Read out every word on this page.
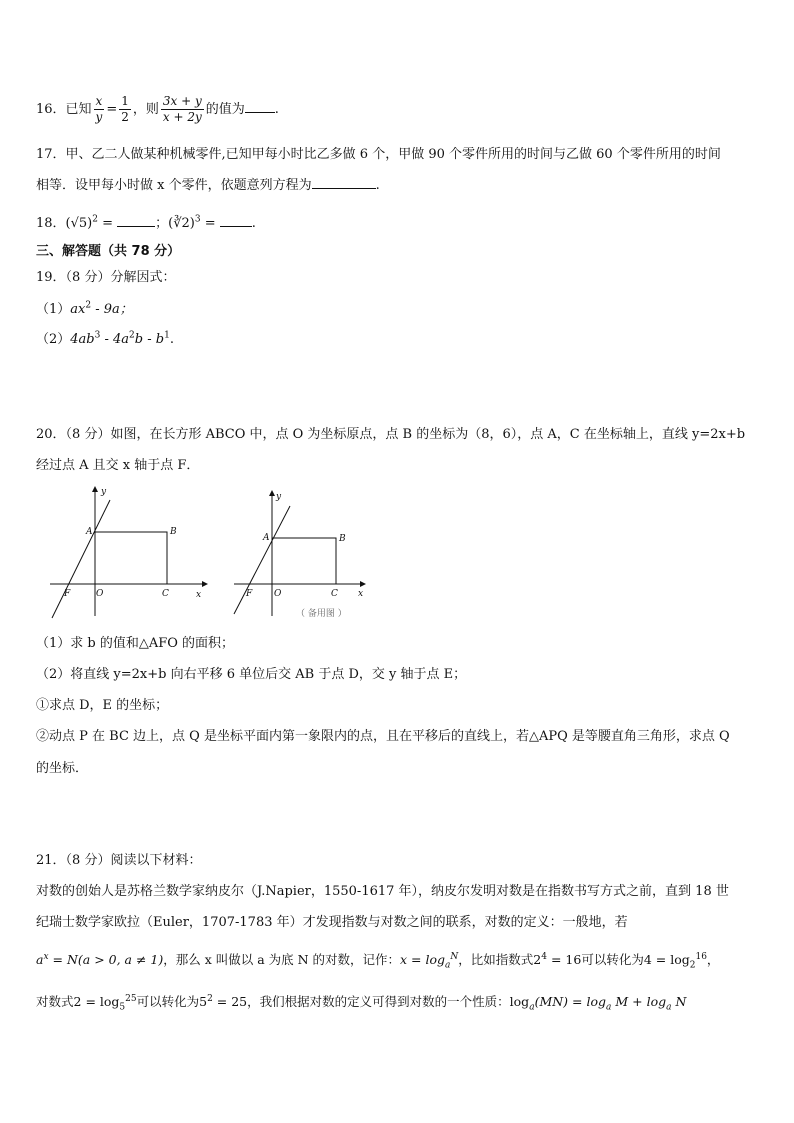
16．已知 $\frac{x}{y} = \frac{1}{2}$ ，则 $\frac{3x + y}{x + 2y}$ 的值为 .
17．甲、乙二人做某种机械零件,已知甲每小时比乙多做 6 个，甲做 90 个零件所用的时间与乙做 60 个零件所用的时间
相等．设甲每小时做 x 个零件，依题意列方程为	.
18．$(√5)^2$ =	；(∛2)$^3$ = .
三、解答题（共 78 分）
19．（8 分）分解因式：
$(1)ax^2 - 9a$；
$(2)4ab^3 - 4a^2b - b^1$.
20．（8 分）如图，在长方形 ABCO 中，点 O 为坐标原点，点 B 的坐标为（8，6），点 A，C 在坐标轴上，直线 y=2x+b
经过点 A 且交 x 轴于点 F．
y
x
A	B
C
O
F
y
x
A	B
C
O
F
（ 备用图 ）
（1）求 b 的值和△AFO 的面积；
（2）将直线 y=2x+b 向右平移 6 单位后交 AB 于点 D，交 y 轴于点 E；
①求点 D，E 的坐标；
②动点 P 在 BC 边上，点 Q 是坐标平面内第一象限内的点，且在平移后的直线上，若△APQ 是等腰直角三角形，求点 Q
的坐标．
21．（8 分）阅读以下材料：
对数的创始人是苏格兰数学家纳皮尔（J.Napier，1550-1617 年），纳皮尔发明对数是在指数书写方式之前，直到 18 世
纪瑞士数学家欧拉（Euler，1707-1783 年）才发现指数与对数之间的联系，对数的定义：一般地，若
$a^x = N(a > 0$, a ≠ 1)，那么 x 叫做以 a 为底 N 的对数，记作：$x = \log_a^N$，比如指数式$2^4 = 16$可以转化为$4 = \log_2^{16}$，
对数式$2 = \log_5^{25}$可以转化为$5^2 = 25$，我们根据对数的定义可得到对数的一个性质：$\log_a(MN) = \log_a M + \log_a N$
